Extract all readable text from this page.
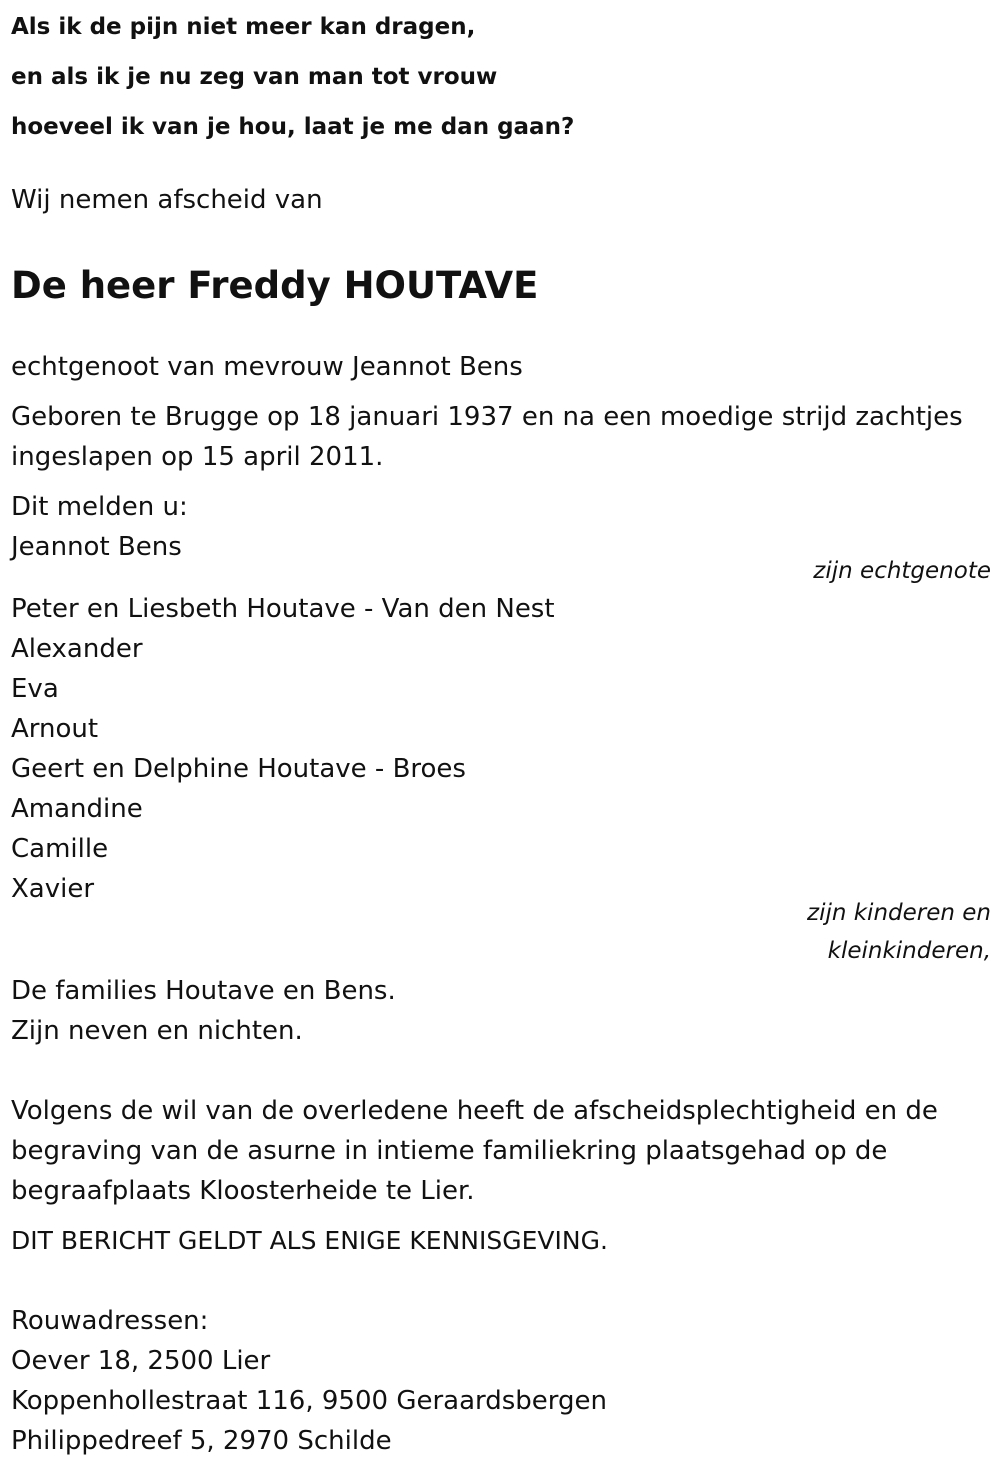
Als ik de pijn niet meer kan dragen,
en als ik je nu zeg van man tot vrouw
hoeveel ik van je hou, laat je me dan gaan?
Wij nemen afscheid van
De heer Freddy HOUTAVE
echtgenoot van mevrouw Jeannot Bens
Geboren te Brugge op 18 januari 1937 en na een moedige strijd zachtjes ingeslapen op 15 april 2011.
Dit melden u:
Jeannot Bens
zijn echtgenote
Peter en Liesbeth Houtave - Van den Nest
Alexander
Eva
Arnout
Geert en Delphine Houtave - Broes
Amandine
Camille
Xavier
zijn kinderen en
kleinkinderen,
De families Houtave en Bens.
Zijn neven en nichten.
Volgens de wil van de overledene heeft de afscheidsplechtigheid en de begraving van de asurne in intieme familiekring plaatsgehad op de begraafplaats Kloosterheide te Lier.
DIT BERICHT GELDT ALS ENIGE KENNISGEVING.
Rouwadressen:
Oever 18, 2500 Lier
Koppenhollestraat 116, 9500 Geraardsbergen
Philippedreef 5, 2970 Schilde
